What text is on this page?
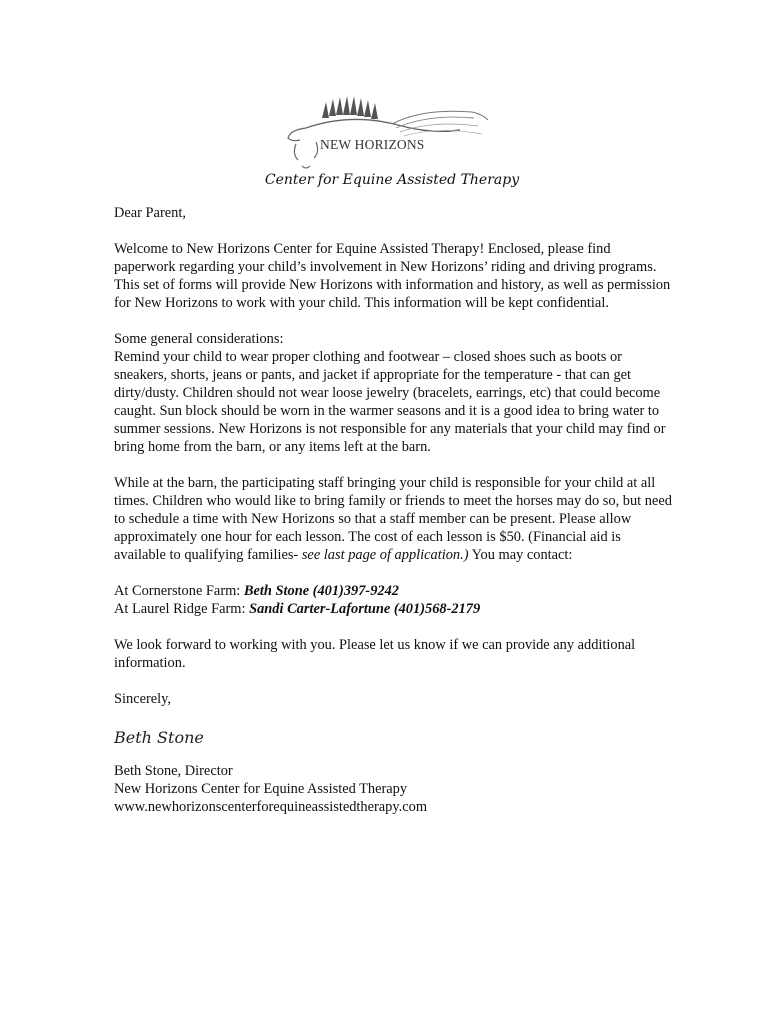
NEW HORIZONS
Center for Equine Assisted Therapy

Dear Parent,

Welcome to New Horizons Center for Equine Assisted Therapy! Enclosed, please find paperwork regarding your child’s involvement in New Horizons’ riding and driving programs. This set of forms will provide New Horizons with information and history, as well as permission for New Horizons to work with your child. This information will be kept confidential.

Some general considerations:

Remind your child to wear proper clothing and footwear – closed shoes such as boots or sneakers, shorts, jeans or pants, and jacket if appropriate for the temperature - that can get dirty/dusty. Children should not wear loose jewelry (bracelets, earrings, etc) that could become caught. Sun block should be worn in the warmer seasons and it is a good idea to bring water to summer sessions. New Horizons is not responsible for any materials that your child may find or bring home from the barn, or any items left at the barn.

While at the barn, the participating staff bringing your child is responsible for your child at all times. Children who would like to bring family or friends to meet the horses may do so, but need to schedule a time with New Horizons so that a staff member can be present. Please allow approximately one hour for each lesson. The cost of each lesson is $50. (Financial aid is available to qualifying families- see last page of application.) You may contact:

At Cornerstone Farm: Beth Stone (401)397-9242

At Laurel Ridge Farm: Sandi Carter-Lafortune (401)568-2179

We look forward to working with you. Please let us know if we can provide any additional information.

Sincerely,

Beth Stone

Beth Stone, Director

New Horizons Center for Equine Assisted Therapy

www.newhorizonscenterforequineassistedtherapy.com
